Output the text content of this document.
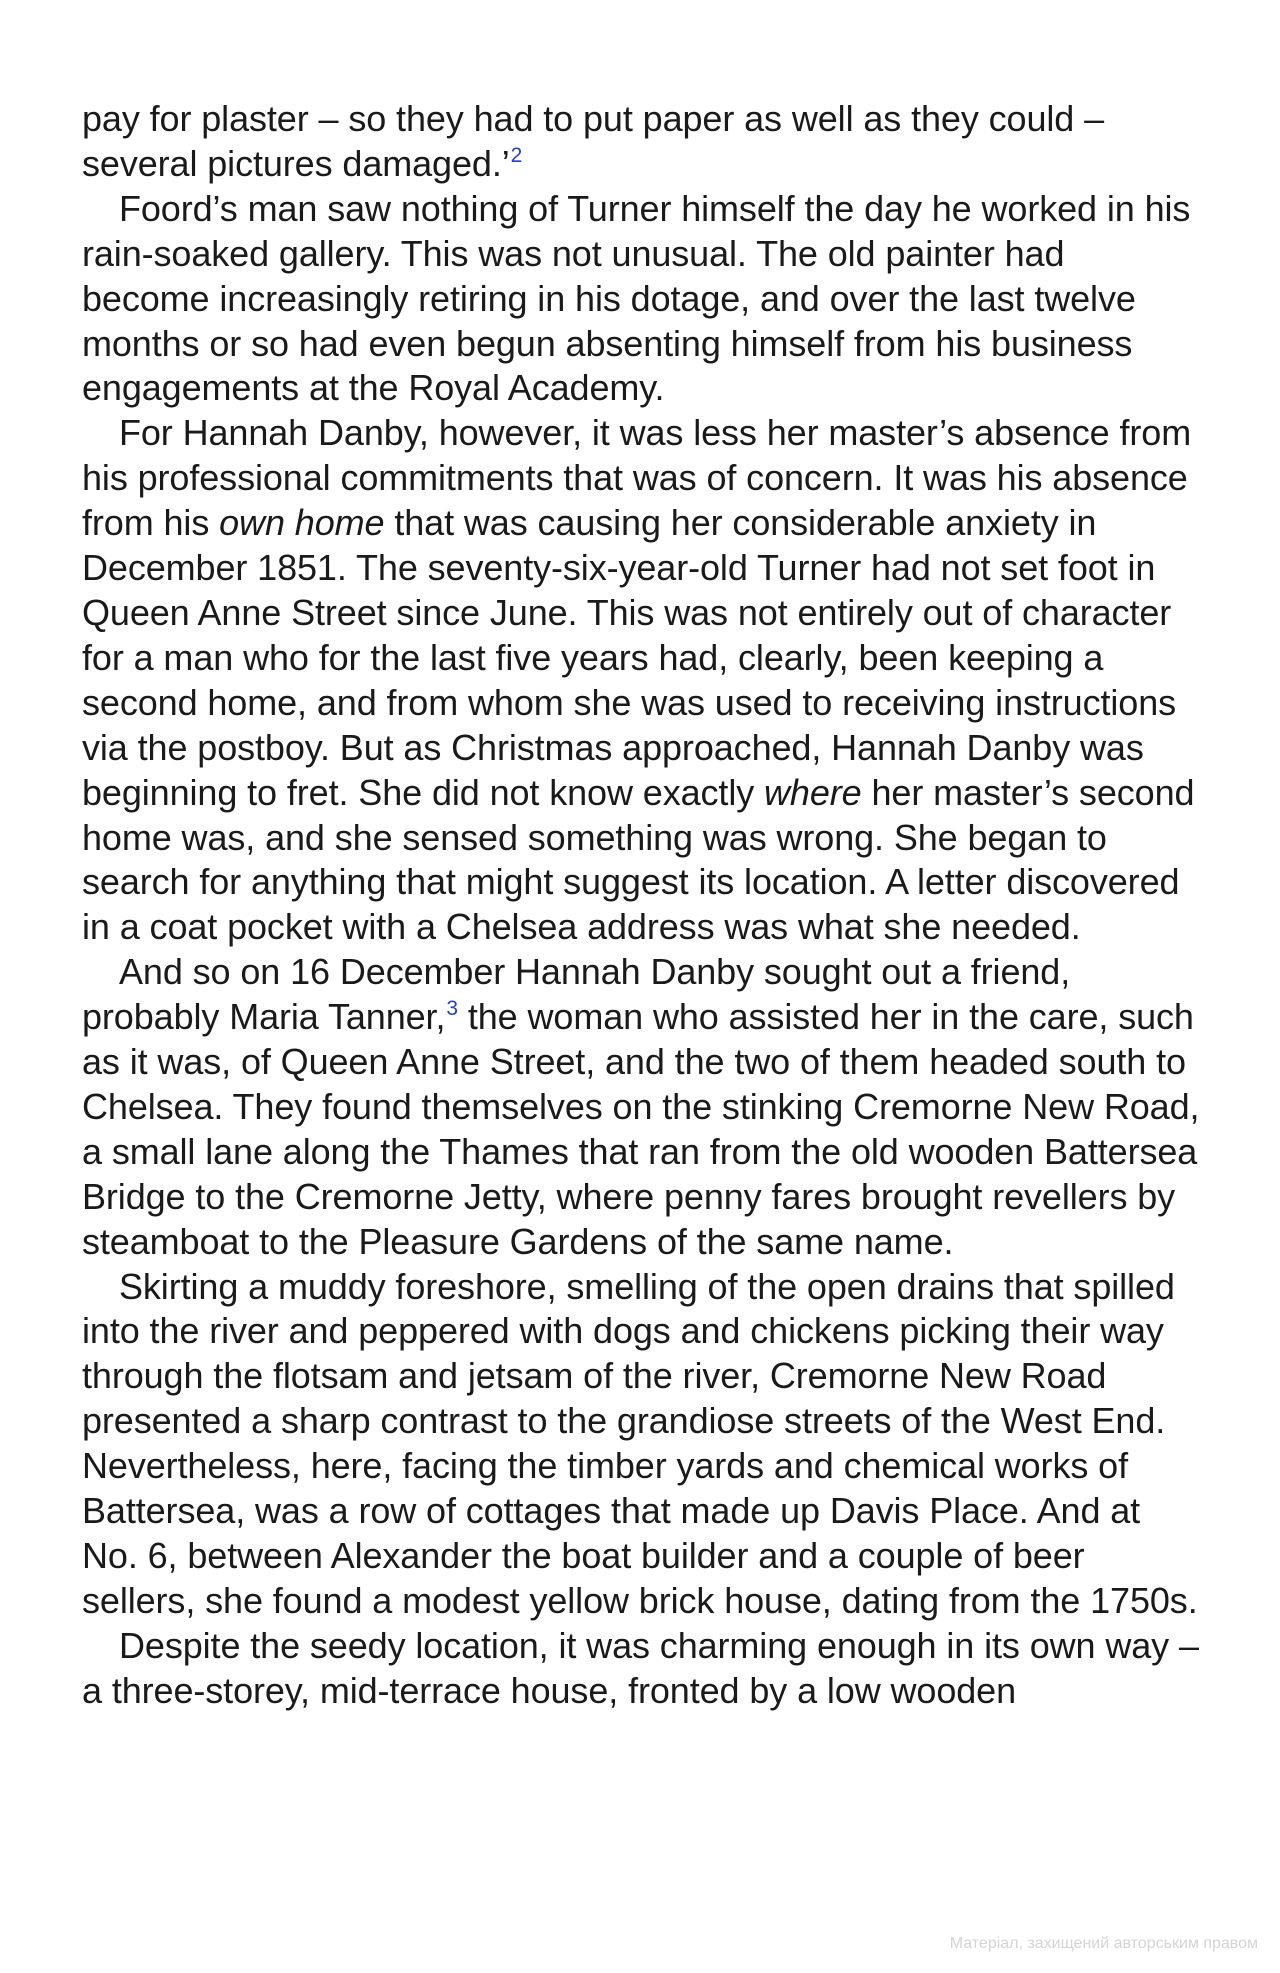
pay for plaster – so they had to put paper as well as they could – several pictures damaged.’$^2$

Foord’s man saw nothing of Turner himself the day he worked in his rain-soaked gallery. This was not unusual. The old painter had become increasingly retiring in his dotage, and over the last twelve months or so had even begun absenting himself from his business engagements at the Royal Academy.

For Hannah Danby, however, it was less her master’s absence from his professional commitments that was of concern. It was his absence from his own home that was causing her considerable anxiety in December 1851. The seventy-six-year-old Turner had not set foot in Queen Anne Street since June. This was not entirely out of character for a man who for the last five years had, clearly, been keeping a second home, and from whom she was used to receiving instructions via the postboy. But as Christmas approached, Hannah Danby was beginning to fret. She did not know exactly where her master’s second home was, and she sensed something was wrong. She began to search for anything that might suggest its location. A letter discovered in a coat pocket with a Chelsea address was what she needed.

And so on 16 December Hannah Danby sought out a friend, probably Maria Tanner,$^3$ the woman who assisted her in the care, such as it was, of Queen Anne Street, and the two of them headed south to Chelsea. They found themselves on the stinking Cremorne New Road, a small lane along the Thames that ran from the old wooden Battersea Bridge to the Cremorne Jetty, where penny fares brought revellers by steamboat to the Pleasure Gardens of the same name.

Skirting a muddy foreshore, smelling of the open drains that spilled into the river and peppered with dogs and chickens picking their way through the flotsam and jetsam of the river, Cremorne New Road presented a sharp contrast to the grandiose streets of the West End. Nevertheless, here, facing the timber yards and chemical works of Battersea, was a row of cottages that made up Davis Place. And at No. 6, between Alexander the boat builder and a couple of beer sellers, she found a modest yellow brick house, dating from the 1750s.

Despite the seedy location, it was charming enough in its own way – a three-storey, mid-terrace house, fronted by a low wooden

Матеріал, захищений авторським правом
